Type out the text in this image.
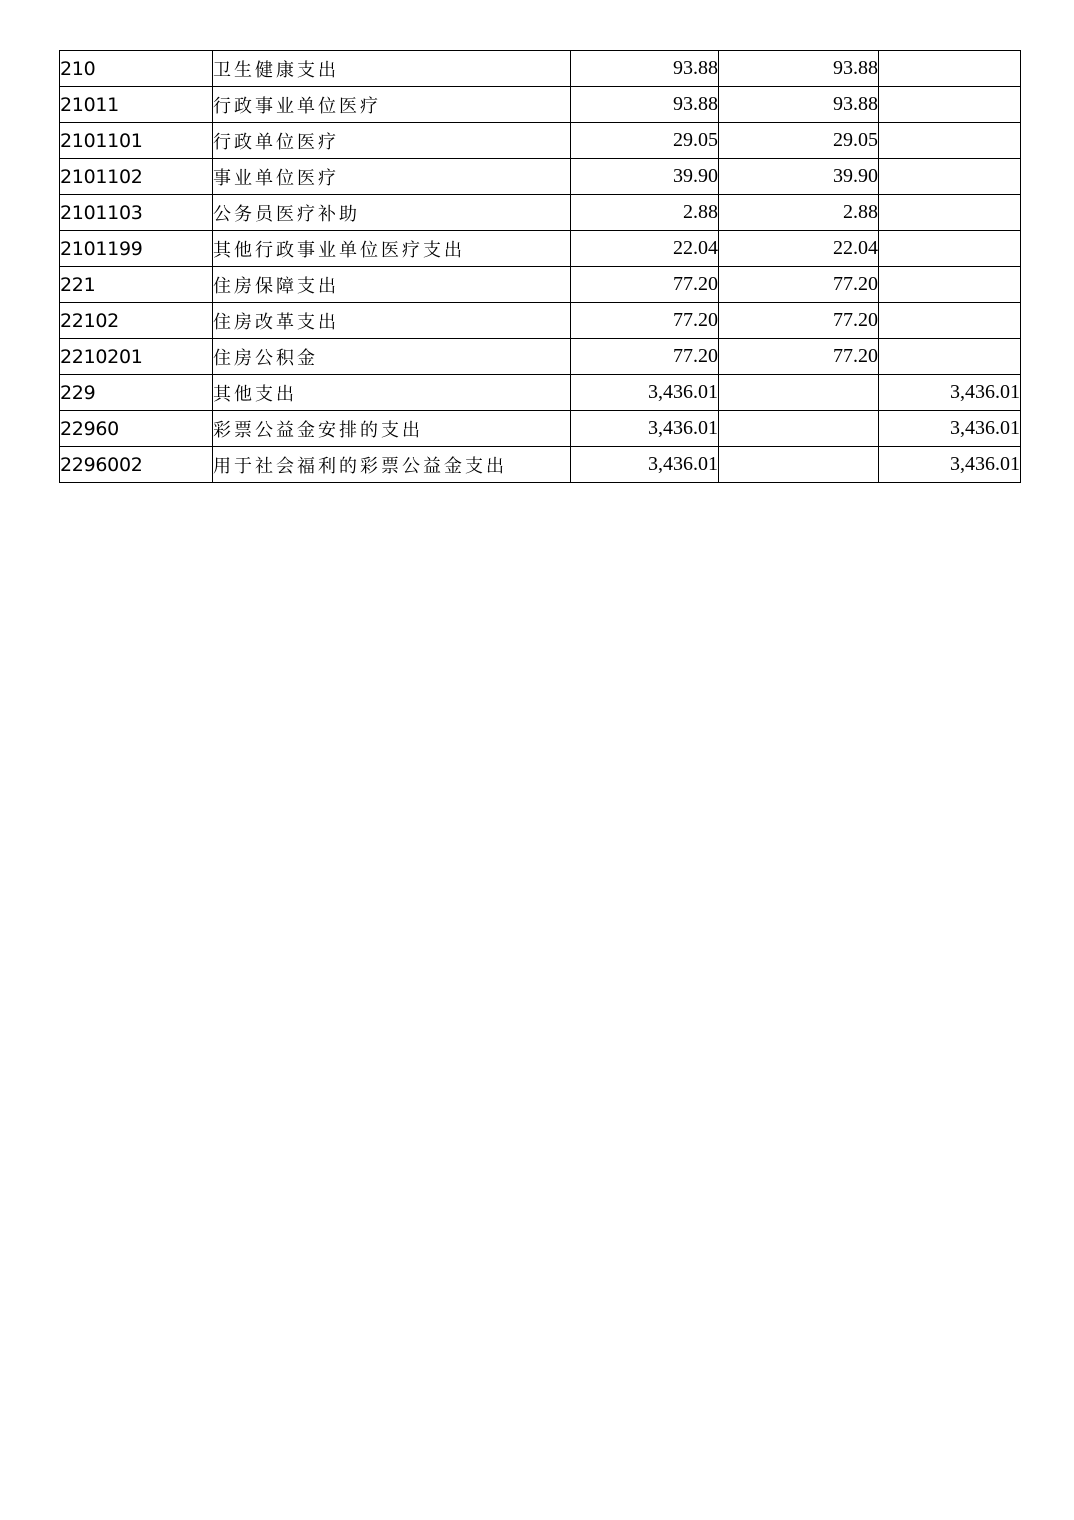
210	卫生健康支出	93.88	93.88	
21011	行政事业单位医疗	93.88	93.88	
2101101	行政单位医疗	29.05	29.05	
2101102	事业单位医疗	39.90	39.90	
2101103	公务员医疗补助	2.88	2.88	
2101199	其他行政事业单位医疗支出	22.04	22.04	
221	住房保障支出	77.20	77.20	
22102	住房改革支出	77.20	77.20	
2210201	住房公积金	77.20	77.20	
229	其他支出	3,436.01		3,436.01
22960	彩票公益金安排的支出	3,436.01		3,436.01
2296002	用于社会福利的彩票公益金支出	3,436.01		3,436.01
